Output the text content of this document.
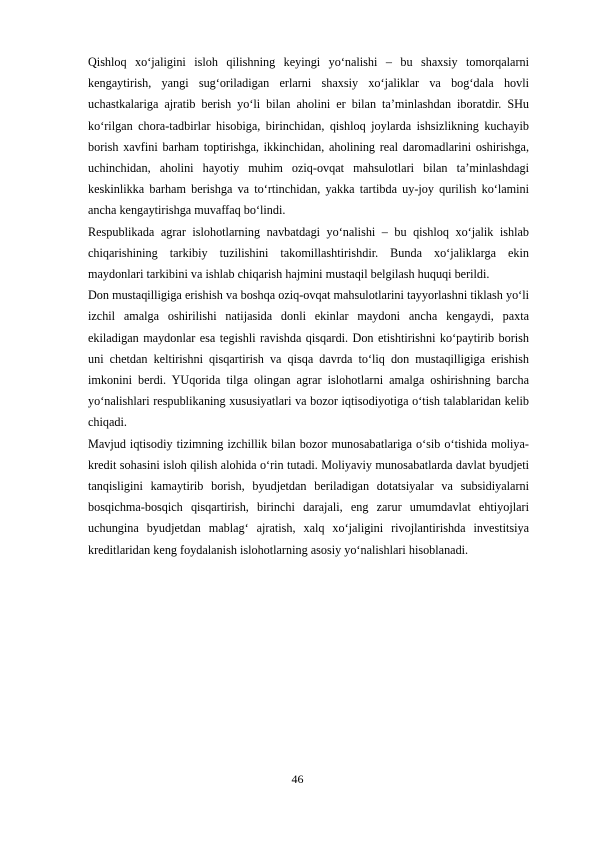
Qishloq xo‘jaligini isloh qilishning keyingi yo‘nalishi – bu shaxsiy tomorqalarni kengaytirish, yangi sug‘oriladigan erlarni shaxsiy xo‘jaliklar va bog‘dala hovli uchastkalariga ajratib berish yo‘li bilan aholini er bilan ta’minlashdan iboratdir. SHu ko‘rilgan chora-tadbirlar hisobiga, birinchidan, qishloq joylarda ishsizlikning kuchayib borish xavfini barham toptirishga, ikkinchidan, aholining real daromadlarini oshirishga, uchinchidan, aholini hayotiy muhim oziq-ovqat mahsulotlari bilan ta’minlashdagi keskinlikka barham berishga va to‘rtinchidan, yakka tartibda uy-joy qurilish ko‘lamini ancha kengaytirishga muvaffaq bo‘lindi.

Respublikada agrar islohotlarning navbatdagi yo‘nalishi – bu qishloq xo‘jalik ishlab chiqarishining tarkibiy tuzilishini takomillashtirishdir. Bunda xo‘jaliklarga ekin maydonlari tarkibini va ishlab chiqarish hajmini mustaqil belgilash huquqi berildi.

Don mustaqilligiga erishish va boshqa oziq-ovqat mahsulotlarini tayyorlashni tiklash yo‘li izchil amalga oshirilishi natijasida donli ekinlar maydoni ancha kengaydi, paxta ekiladigan maydonlar esa tegishli ravishda qisqardi. Don etishtirishni ko‘paytirib borish uni chetdan keltirishni qisqartirish va qisqa davrda to‘liq don mustaqilligiga erishish imkonini berdi. YUqorida tilga olingan agrar islohotlarni amalga oshirishning barcha yo‘nalishlari respublikaning xususiyatlari va bozor iqtisodiyotiga o‘tish talablaridan kelib chiqadi.

Mavjud iqtisodiy tizimning izchillik bilan bozor munosabatlariga o‘sib o‘tishida moliya-kredit sohasini isloh qilish alohida o‘rin tutadi. Moliyaviy munosabatlarda davlat byudjeti tanqisligini kamaytirib borish, byudjetdan beriladigan dotatsiyalar va subsidiyalarni bosqichma-bosqich qisqartirish, birinchi darajali, eng zarur umumdavlat ehtiyojlari uchungina byudjetdan mablag‘ ajratish, xalq xo‘jaligini rivojlantirishda investitsiya kreditlaridan keng foydalanish islohotlarning asosiy yo‘nalishlari hisoblanadi.

46
